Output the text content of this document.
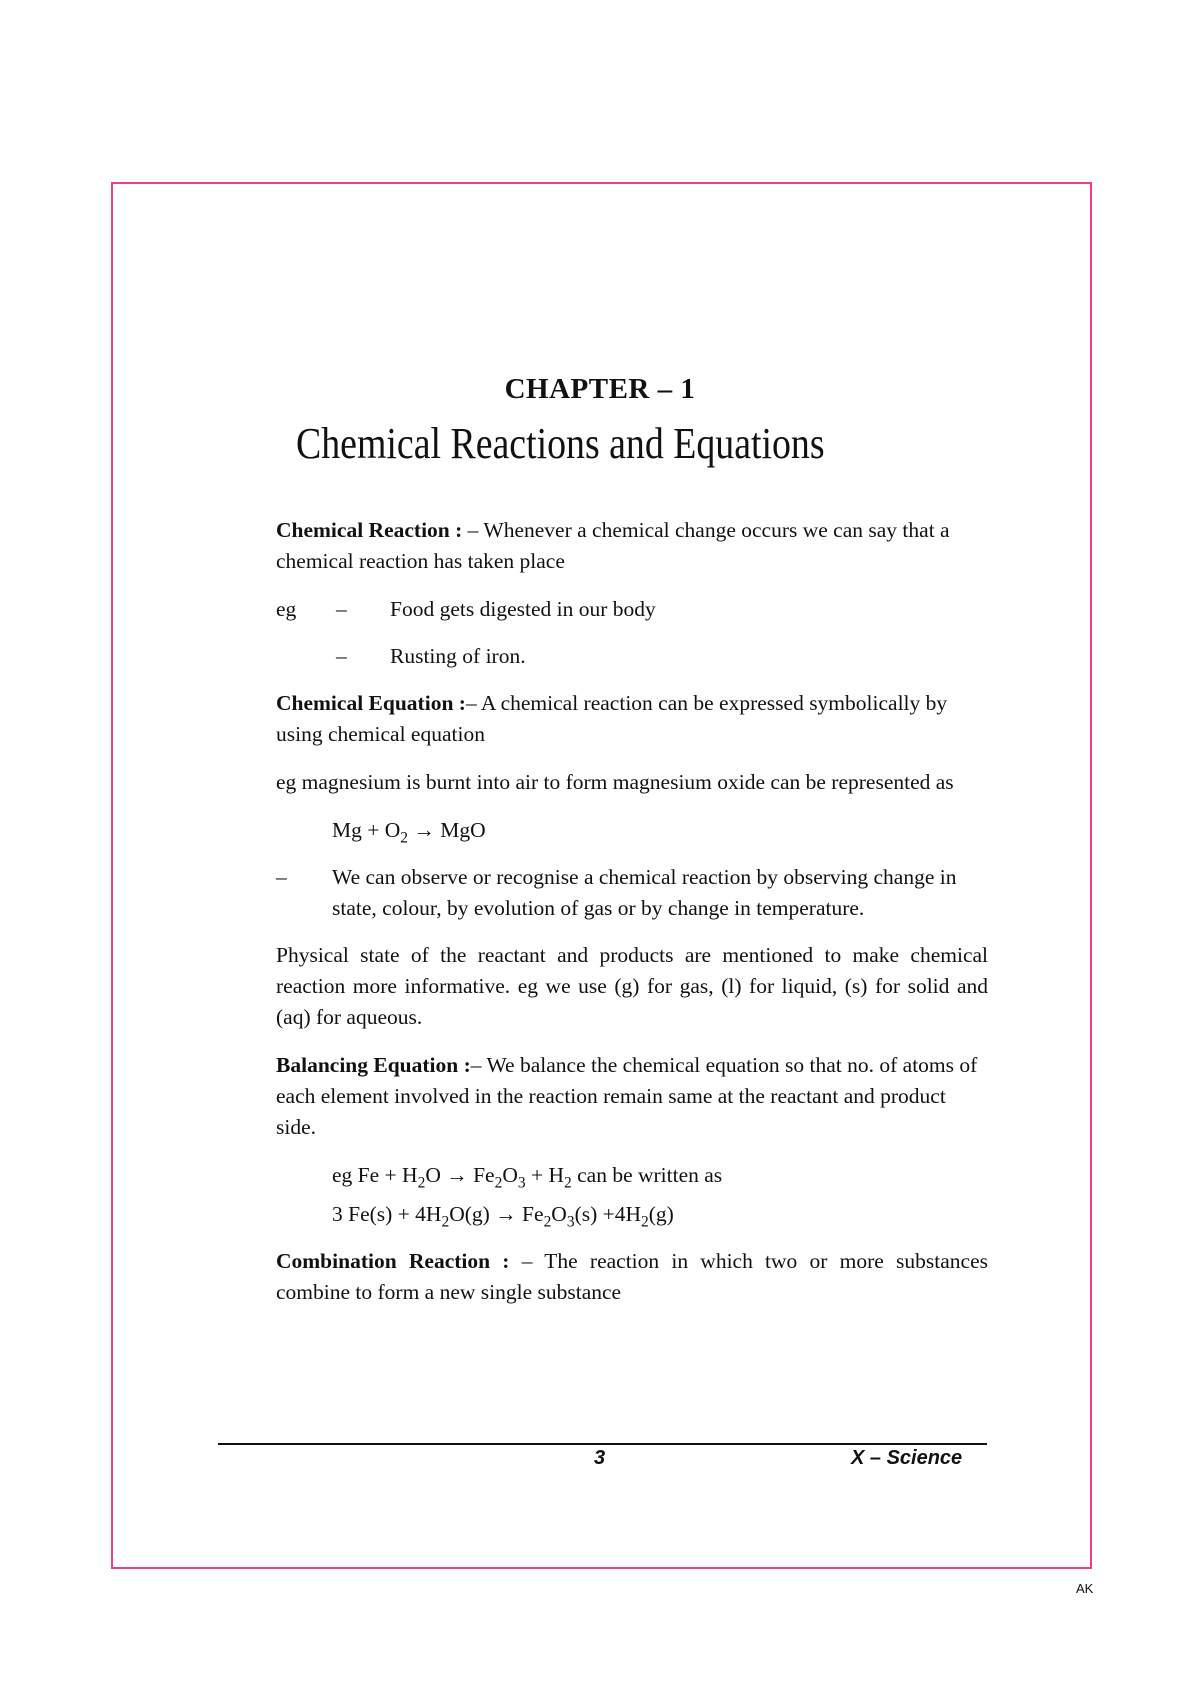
CHAPTER – 1
Chemical Reactions and Equations

Chemical Reaction : – Whenever a chemical change occurs we can say that a chemical reaction has taken place

eg	–	Food gets digested in our body
–	Rusting of iron.

Chemical Equation :– A chemical reaction can be expressed symbolically by using chemical equation

eg magnesium is burnt into air to form magnesium oxide can be represented as

$Mg + O_2$ → MgO
–	We can observe or recognise a chemical reaction by observing change in state, colour, by evolution of gas or by change in temperature.

Physical state of the reactant and products are mentioned to make chemical reaction more informative. eg we use (g) for gas, (l) for liquid, (s) for solid and (aq) for aqueous.

Balancing Equation :– We balance the chemical equation so that no. of atoms of each element involved in the reaction remain same at the reactant and product side.

eg $Fe + H_2O \to Fe_2O_3 + H_2$ can be written as
3 $Fe(s) + 4H_2O(g) \to Fe_2O_3(s) +4H_2(g)$

Combination Reaction : – The reaction in which two or more substances combine to form a new single substance

3	X – Science
AK
